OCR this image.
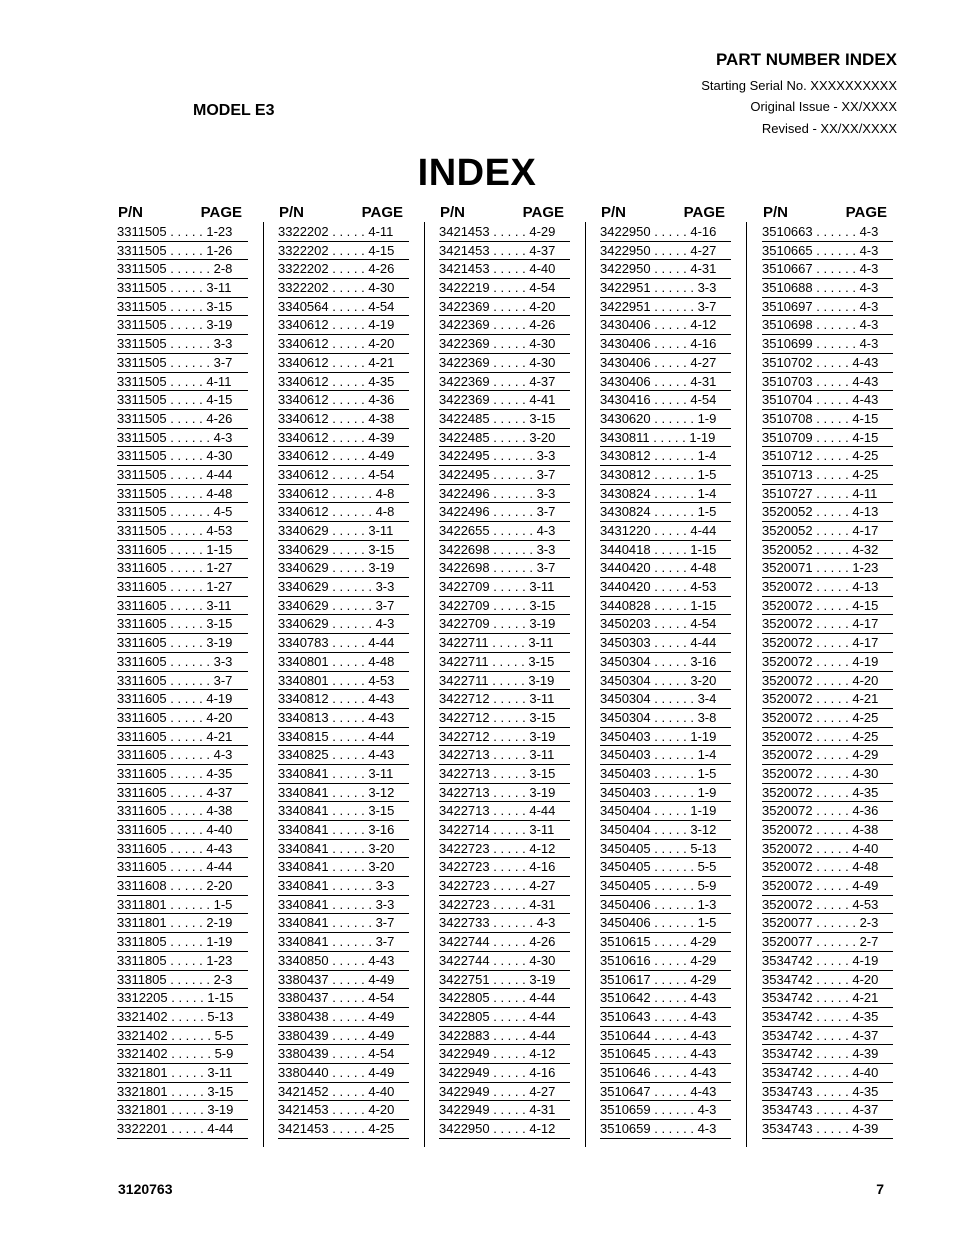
PART NUMBER INDEX
Starting Serial No. XXXXXXXXXX
Original Issue - XX/XXXX
Revised - XX/XX/XXXX
MODEL E3
INDEX
P/N	PAGE
3311505 . . . . . 1-23
3311505 . . . . . 1-26
3311505 . . . . . . 2-8
3311505 . . . . . 3-11
3311505 . . . . . 3-15
3311505 . . . . . 3-19
3311505 . . . . . . 3-3
3311505 . . . . . . 3-7
3311505 . . . . . 4-11
3311505 . . . . . 4-15
3311505 . . . . . 4-26
3311505 . . . . . . 4-3
3311505 . . . . . 4-30
3311505 . . . . . 4-44
3311505 . . . . . 4-48
3311505 . . . . . . 4-5
3311505 . . . . . 4-53
3311605 . . . . . 1-15
3311605 . . . . . 1-27
3311605 . . . . . 1-27
3311605 . . . . . 3-11
3311605 . . . . . 3-15
3311605 . . . . . 3-19
3311605 . . . . . . 3-3
3311605 . . . . . . 3-7
3311605 . . . . . 4-19
3311605 . . . . . 4-20
3311605 . . . . . 4-21
3311605 . . . . . . 4-3
3311605 . . . . . 4-35
3311605 . . . . . 4-37
3311605 . . . . . 4-38
3311605 . . . . . 4-40
3311605 . . . . . 4-43
3311605 . . . . . 4-44
3311608 . . . . . 2-20
3311801 . . . . . . 1-5
3311801 . . . . . 2-19
3311805 . . . . . 1-19
3311805 . . . . . 1-23
3311805 . . . . . . 2-3
3312205 . . . . . 1-15
3321402 . . . . . 5-13
3321402 . . . . . . 5-5
3321402 . . . . . . 5-9
3321801 . . . . . 3-11
3321801 . . . . . 3-15
3321801 . . . . . 3-19
3322201 . . . . . 4-44
P/N	PAGE
3322202 . . . . . 4-11
3322202 . . . . . 4-15
3322202 . . . . . 4-26
3322202 . . . . . 4-30
3340564 . . . . . 4-54
3340612 . . . . . 4-19
3340612 . . . . . 4-20
3340612 . . . . . 4-21
3340612 . . . . . 4-35
3340612 . . . . . 4-36
3340612 . . . . . 4-38
3340612 . . . . . 4-39
3340612 . . . . . 4-49
3340612 . . . . . 4-54
3340612 . . . . . . 4-8
3340612 . . . . . . 4-8
3340629 . . . . . 3-11
3340629 . . . . . 3-15
3340629 . . . . . 3-19
3340629 . . . . . . 3-3
3340629 . . . . . . 3-7
3340629 . . . . . . 4-3
3340783 . . . . . 4-44
3340801 . . . . . 4-48
3340801 . . . . . 4-53
3340812 . . . . . 4-43
3340813 . . . . . 4-43
3340815 . . . . . 4-44
3340825 . . . . . 4-43
3340841 . . . . . 3-11
3340841 . . . . . 3-12
3340841 . . . . . 3-15
3340841 . . . . . 3-16
3340841 . . . . . 3-20
3340841 . . . . . 3-20
3340841 . . . . . . 3-3
3340841 . . . . . . 3-3
3340841 . . . . . . 3-7
3340841 . . . . . . 3-7
3340850 . . . . . 4-43
3380437 . . . . . 4-49
3380437 . . . . . 4-54
3380438 . . . . . 4-49
3380439 . . . . . 4-49
3380439 . . . . . 4-54
3380440 . . . . . 4-49
3421452 . . . . . 4-40
3421453 . . . . . 4-20
3421453 . . . . . 4-25
P/N	PAGE
3421453 . . . . . 4-29
3421453 . . . . . 4-37
3421453 . . . . . 4-40
3422219 . . . . . 4-54
3422369 . . . . . 4-20
3422369 . . . . . 4-26
3422369 . . . . . 4-30
3422369 . . . . . 4-30
3422369 . . . . . 4-37
3422369 . . . . . 4-41
3422485 . . . . . 3-15
3422485 . . . . . 3-20
3422495 . . . . . . 3-3
3422495 . . . . . . 3-7
3422496 . . . . . . 3-3
3422496 . . . . . . 3-7
3422655 . . . . . . 4-3
3422698 . . . . . . 3-3
3422698 . . . . . . 3-7
3422709 . . . . . 3-11
3422709 . . . . . 3-15
3422709 . . . . . 3-19
3422711 . . . . . 3-11
3422711 . . . . . 3-15
3422711 . . . . . 3-19
3422712 . . . . . 3-11
3422712 . . . . . 3-15
3422712 . . . . . 3-19
3422713 . . . . . 3-11
3422713 . . . . . 3-15
3422713 . . . . . 3-19
3422713 . . . . . 4-44
3422714 . . . . . 3-11
3422723 . . . . . 4-12
3422723 . . . . . 4-16
3422723 . . . . . 4-27
3422723 . . . . . 4-31
3422733 . . . . . . 4-3
3422744 . . . . . 4-26
3422744 . . . . . 4-30
3422751 . . . . . 3-19
3422805 . . . . . 4-44
3422805 . . . . . 4-44
3422883 . . . . . 4-44
3422949 . . . . . 4-12
3422949 . . . . . 4-16
3422949 . . . . . 4-27
3422949 . . . . . 4-31
3422950 . . . . . 4-12
P/N	PAGE
3422950 . . . . . 4-16
3422950 . . . . . 4-27
3422950 . . . . . 4-31
3422951 . . . . . . 3-3
3422951 . . . . . . 3-7
3430406 . . . . . 4-12
3430406 . . . . . 4-16
3430406 . . . . . 4-27
3430406 . . . . . 4-31
3430416 . . . . . 4-54
3430620 . . . . . . 1-9
3430811 . . . . . 1-19
3430812 . . . . . . 1-4
3430812 . . . . . . 1-5
3430824 . . . . . . 1-4
3430824 . . . . . . 1-5
3431220 . . . . . 4-44
3440418 . . . . . 1-15
3440420 . . . . . 4-48
3440420 . . . . . 4-53
3440828 . . . . . 1-15
3450203 . . . . . 4-54
3450303 . . . . . 4-44
3450304 . . . . . 3-16
3450304 . . . . . 3-20
3450304 . . . . . . 3-4
3450304 . . . . . . 3-8
3450403 . . . . . 1-19
3450403 . . . . . . 1-4
3450403 . . . . . . 1-5
3450403 . . . . . . 1-9
3450404 . . . . . 1-19
3450404 . . . . . 3-12
3450405 . . . . . 5-13
3450405 . . . . . . 5-5
3450405 . . . . . . 5-9
3450406 . . . . . . 1-3
3450406 . . . . . . 1-5
3510615 . . . . . 4-29
3510616 . . . . . 4-29
3510617 . . . . . 4-29
3510642 . . . . . 4-43
3510643 . . . . . 4-43
3510644 . . . . . 4-43
3510645 . . . . . 4-43
3510646 . . . . . 4-43
3510647 . . . . . 4-43
3510659 . . . . . . 4-3
3510659 . . . . . . 4-3
P/N	PAGE
3510663 . . . . . . 4-3
3510665 . . . . . . 4-3
3510667 . . . . . . 4-3
3510688 . . . . . . 4-3
3510697 . . . . . . 4-3
3510698 . . . . . . 4-3
3510699 . . . . . . 4-3
3510702 . . . . . 4-43
3510703 . . . . . 4-43
3510704 . . . . . 4-43
3510708 . . . . . 4-15
3510709 . . . . . 4-15
3510712 . . . . . 4-25
3510713 . . . . . 4-25
3510727 . . . . . 4-11
3520052 . . . . . 4-13
3520052 . . . . . 4-17
3520052 . . . . . 4-32
3520071 . . . . . 1-23
3520072 . . . . . 4-13
3520072 . . . . . 4-15
3520072 . . . . . 4-17
3520072 . . . . . 4-17
3520072 . . . . . 4-19
3520072 . . . . . 4-20
3520072 . . . . . 4-21
3520072 . . . . . 4-25
3520072 . . . . . 4-25
3520072 . . . . . 4-29
3520072 . . . . . 4-30
3520072 . . . . . 4-35
3520072 . . . . . 4-36
3520072 . . . . . 4-38
3520072 . . . . . 4-40
3520072 . . . . . 4-48
3520072 . . . . . 4-49
3520072 . . . . . 4-53
3520077 . . . . . . 2-3
3520077 . . . . . . 2-7
3534742 . . . . . 4-19
3534742 . . . . . 4-20
3534742 . . . . . 4-21
3534742 . . . . . 4-35
3534742 . . . . . 4-37
3534742 . . . . . 4-39
3534742 . . . . . 4-40
3534743 . . . . . 4-35
3534743 . . . . . 4-37
3534743 . . . . . 4-39
3120763	7
